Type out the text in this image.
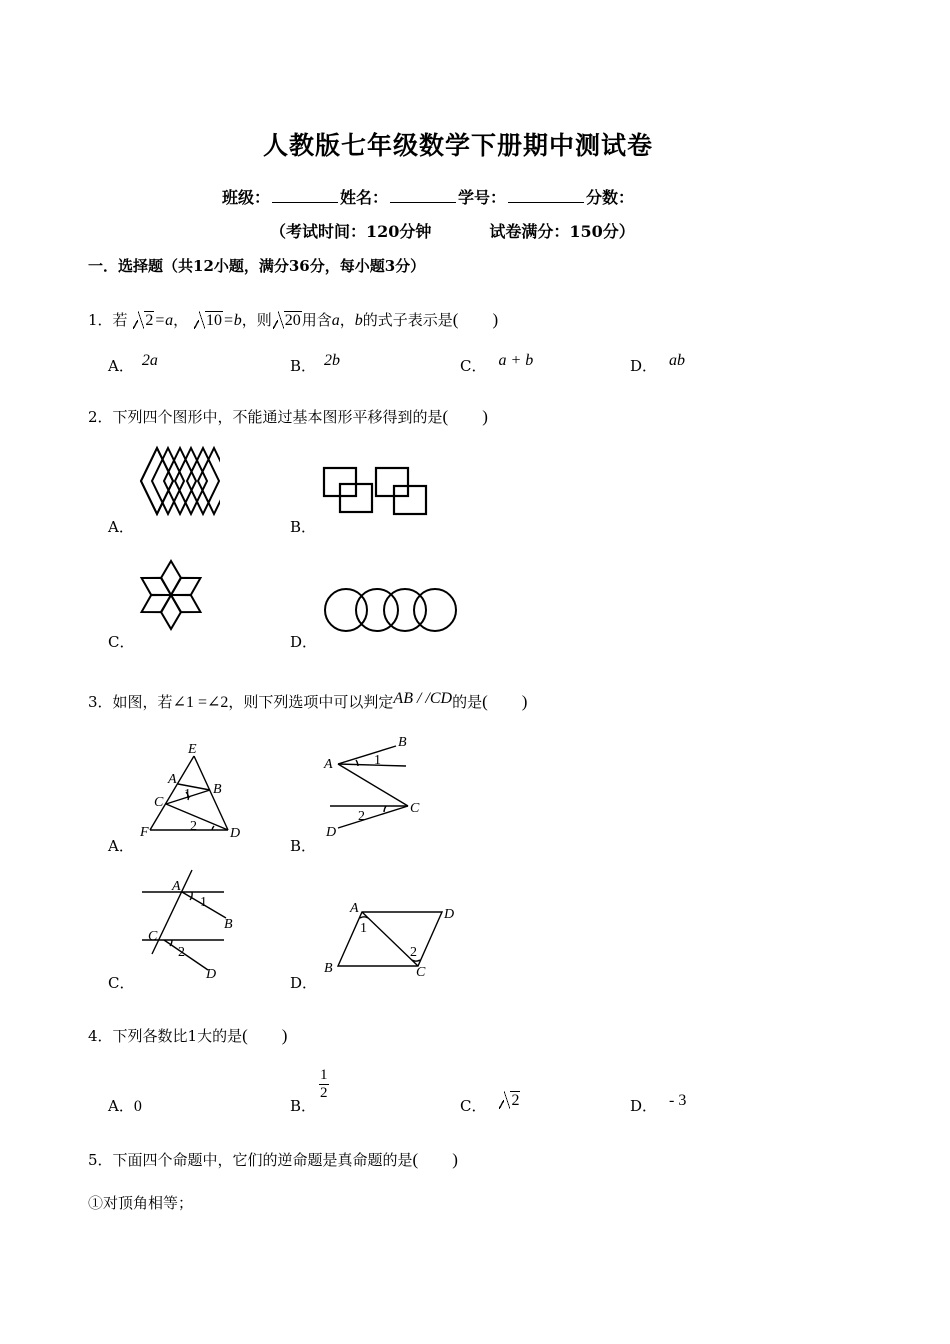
人教版七年级数学下册期中测试卷
班级：	姓名：	学号：	分数：
（考试时间：120分钟	试卷满分：150分）
一．选择题（共12小题，满分36分，每小题3分）
1．若 2=a， 10=b，则 20用含a，b的式子表示是(　　)
A． 2a	B． 2b	C． a + b	D． ab
2．下列四个图形中，不能通过基本图形平移得到的是(　　)
A．	B．
C．	D．
3．如图，若∠1 =∠2，则下列选项中可以判定AB / /CD的是(　　)
A．	B．
C．	D．
E
A
B
C
F	D
1
2
B
A
C
D
1
2
A
B
C
D
1
2
A	D
B	C
1
2
4．下列各数比1大的是(　　)
A．0	B．
$\frac{1}{2}$
C． 2	D． - 3
5．下面四个命题中，它们的逆命题是真命题的是(　　)
①对顶角相等；
